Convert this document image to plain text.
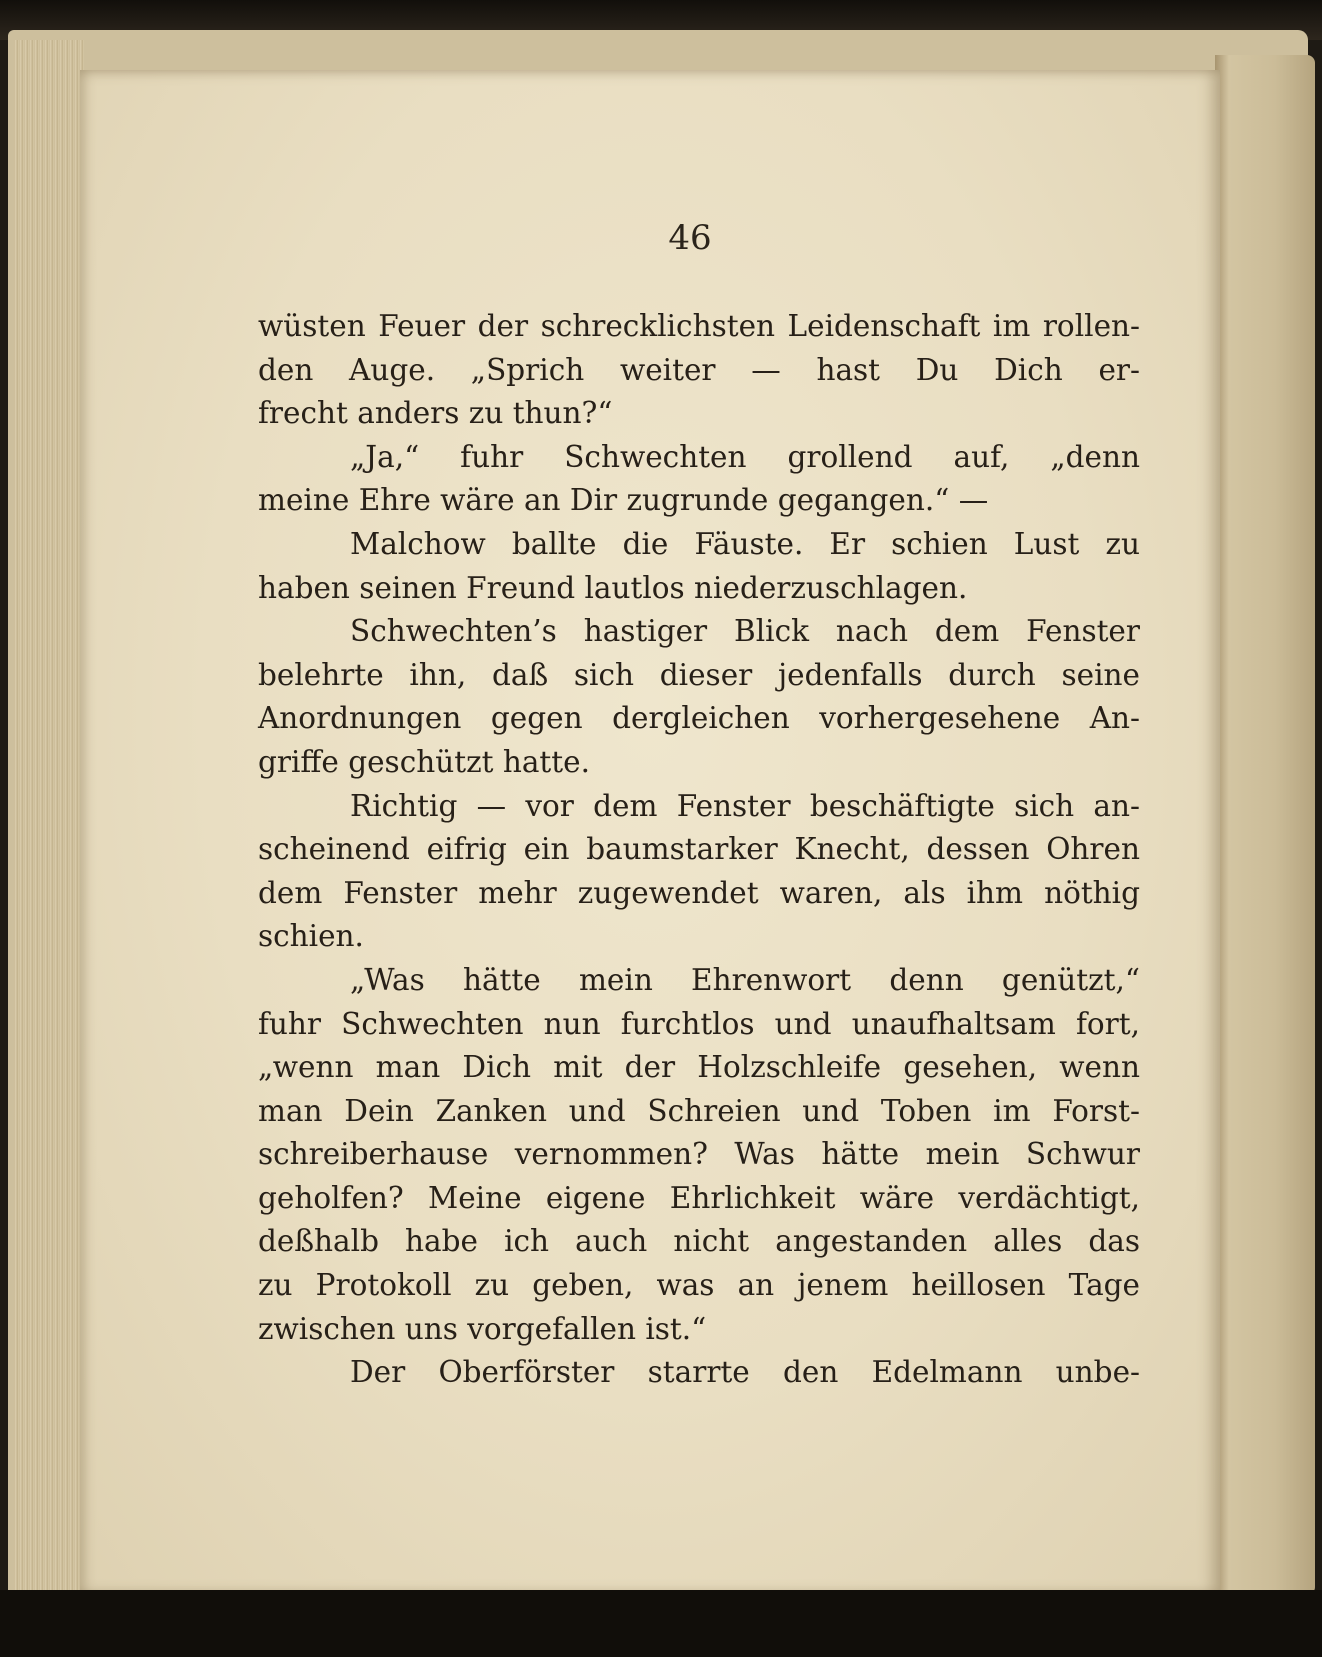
46
wüsten Feuer der schrecklichsten Leidenschaft im rollen-
den Auge. „Sprich weiter — hast Du Dich er-
frecht anders zu thun?“
„Ja,“ fuhr Schwechten grollend auf, „denn
meine Ehre wäre an Dir zugrunde gegangen.“ —
Malchow ballte die Fäuste. Er schien Lust zu
haben seinen Freund lautlos niederzuschlagen.
Schwechten’s hastiger Blick nach dem Fenster
belehrte ihn, daß sich dieser jedenfalls durch seine
Anordnungen gegen dergleichen vorhergesehene An-
griffe geschützt hatte.
Richtig — vor dem Fenster beschäftigte sich an-
scheinend eifrig ein baumstarker Knecht, dessen Ohren
dem Fenster mehr zugewendet waren, als ihm nöthig
schien.
„Was hätte mein Ehrenwort denn genützt,“
fuhr Schwechten nun furchtlos und unaufhaltsam fort,
„wenn man Dich mit der Holzschleife gesehen, wenn
man Dein Zanken und Schreien und Toben im Forst-
schreiberhause vernommen? Was hätte mein Schwur
geholfen? Meine eigene Ehrlichkeit wäre verdächtigt,
deßhalb habe ich auch nicht angestanden alles das
zu Protokoll zu geben, was an jenem heillosen Tage
zwischen uns vorgefallen ist.“
Der Oberförster starrte den Edelmann unbe-
